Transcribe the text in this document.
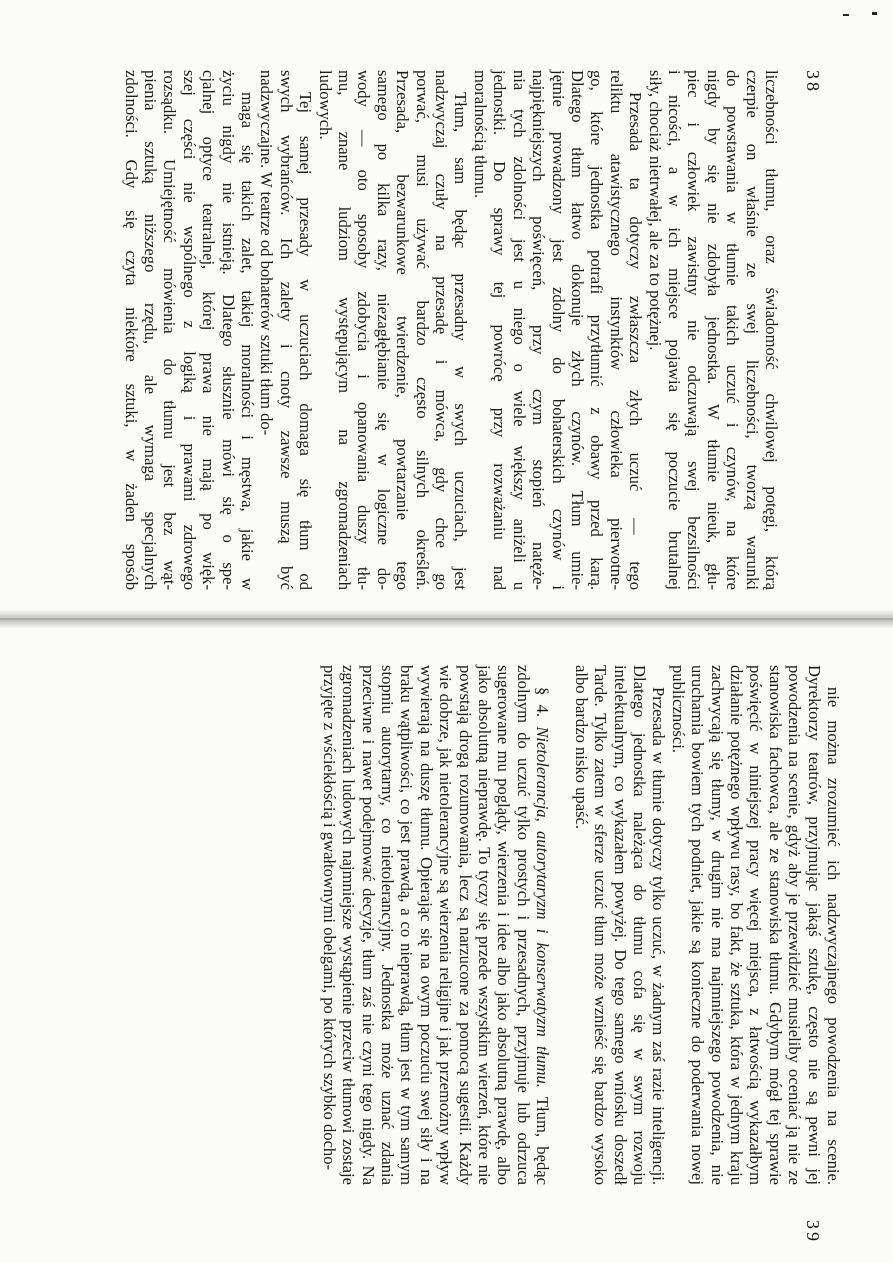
38

liczebności tłumu, oraz świadomość chwilowej potęgi, którą

czerpie on właśnie ze swej liczebności, tworzą warunki

do powstawania w tłumie takich uczuć i czynów, na które

nigdy by się nie zdobyła jednostka. W tłumie nieuk, głu-

piec i człowiek zawistny nie odczuwają swej bezsilności

i nicości, a w ich miejsce pojawia się poczucie brutalnej

siły, chociaż nietrwałej, ale za to potężnej.

Przesada ta dotyczy zwłaszcza złych uczuć — tego

reliktu atawistycznego instynktów człowieka pierwotne-

go, które jednostka potrafi przytłumić z obawy przed karą.

Dlatego tłum łatwo dokonuje złych czynów. Tłum umie-

jętnie prowadzony jest zdolny do bohaterskich czynów i

najpiękniejszych poświęceń, przy czym stopień natęże-

nia tych zdolności jest u niego o wiele większy aniżeli u

jednostki. Do sprawy tej powrócę przy rozważaniu nad

moralnością tłumu.

Tłum, sam będąc przesadny w swych uczuciach, jest

nadzwyczaj czuły na przesadę i mówca, gdy chce go

porwać, musi używać bardzo często silnych określeń.

Przesada, bezwarunkowe twierdzenie, powtarzanie tego

samego po kilka razy, niezagłębianie się w logiczne do-

wody — oto sposoby zdobycia i opanowania duszy tłu-

mu, znane ludziom występującym na zgromadzeniach

ludowych.

Tej samej przesady w uczuciach domaga się tłum od

swych wybrańców. Ich zalety i cnoty zawsze muszą być

nadzwyczajne. W teatrze od bohaterów sztuki tłum do-

maga się takich zalet, takiej moralności i męstwa, jakie w

życiu nigdy nie istnieją. Dlatego słusznie mówi się o spe-

cjalnej optyce teatralnej, której prawa nie mają po więk-

szej części nie wspólnego z logiką i prawami zdrowego

rozsądku. Umiejętność mówienia do tłumu jest bez wąt-

pienia sztuką niższego rzędu, ale wymaga specjalnych

zdolności. Gdy się czyta niektóre sztuki, w żaden sposób

39

nie można zrozumieć ich nadzwyczajnego powodzenia na scenie. Dyrektorzy teatrów, przyjmując jakąś sztukę, często nie są pewni jej powodzenia na scenie, gdyż aby je przewidzieć musieliby oceniać ją nie ze stanowiska fachowca, ale ze stanowiska tłumu. Gdybym mógł tej sprawie poświęcić w niniejszej pracy więcej miejsca, z łatwością wykazałbym działanie potężnego wpływu rasy, bo fakt, że sztuka, która w jednym kraju zachwycają się tłumy, w drugim nie ma najmniejszego powodzenia, nie uruchamia bowiem tych podniet, jakie są konieczne do poderwania nowej publiczności.

Przesada w tłumie dotyczy tylko uczuć, w żadnym zaś razie inteligencji. Dlatego jednostka należąca do tłumu cofa się w swym rozwoju intelektualnym, co wykazałem powyżej. Do tego samego wniosku doszedł Tarde. Tylko zatem w sferze uczuć tłum może wznieść się bardzo wysoko albo bardzo nisko upaść.

§ 4. Nietolerancja, autorytaryzm i konserwatyzm tłumu. Tłum, będąc zdolnym do uczuć tylko prostych i przesadnych, przyjmuje lub odrzuca sugerowane mu poglądy, wierzenia i idee albo jako absolutną prawdę, albo jako absolutną nieprawdę. To tyczy się przede wszystkim wierzeń, które nie powstają drogą rozumowania, lecz są narzucone za pomocą sugestii. Każdy wie dobrze, jak nietolerancyjne są wierzenia religijne i jak przemożny wpływ wywierają na duszę tłumu. Opierając się na owym poczuciu swej siły i na braku wątpliwości, co jest prawdą, a co nieprawdą, tłum jest w tym samym stopniu autorytarny, co nietolerancyjny. Jednostka może uznać zdania przeciwne i nawet podejmować decyzje, tłum zaś nie czyni tego nigdy. Na zgromadzeniach ludowych najmniejsze wystąpienie przeciw tłumowi zostaje przyjęte z wściekłością i gwałtownymi obelgami, po których szybko docho-
